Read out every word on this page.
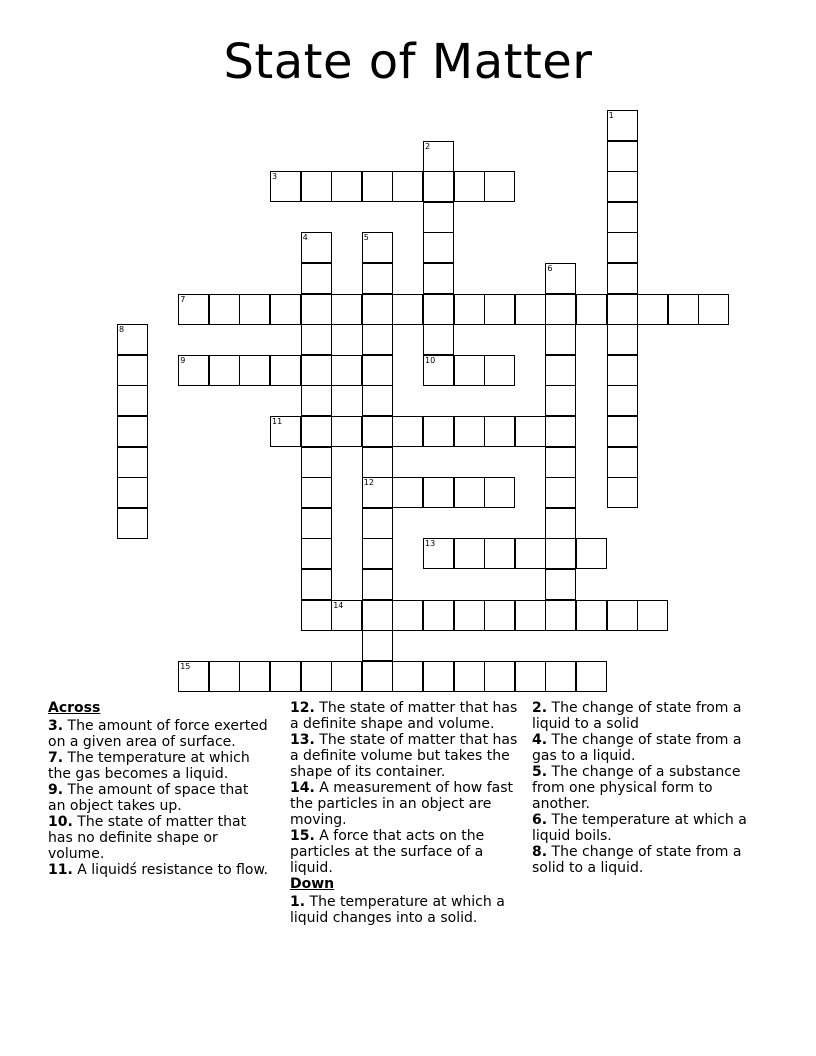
State of Matter
1
2
3
4	5
12
6
7
8
9	10
11
13
14
15
Across
3. The amount of force exerted on a given area of surface.
7. The temperature at which the gas becomes a liquid.
9. The amount of space that an object takes up.
10. The state of matter that has no definite shape or volume.
11. A liquidś resistance to flow.
12. The state of matter that has a definite shape and volume.
13. The state of matter that has a definite volume but takes the shape of its container.
14. A measurement of how fast the particles in an object are moving.
15. A force that acts on the particles at the surface of a liquid.
Down
1. The temperature at which a liquid changes into a solid.
2. The change of state from a liquid to a solid
4. The change of state from a gas to a liquid.
5. The change of a substance from one physical form to another.
6. The temperature at which a liquid boils.
8. The change of state from a solid to a liquid.
